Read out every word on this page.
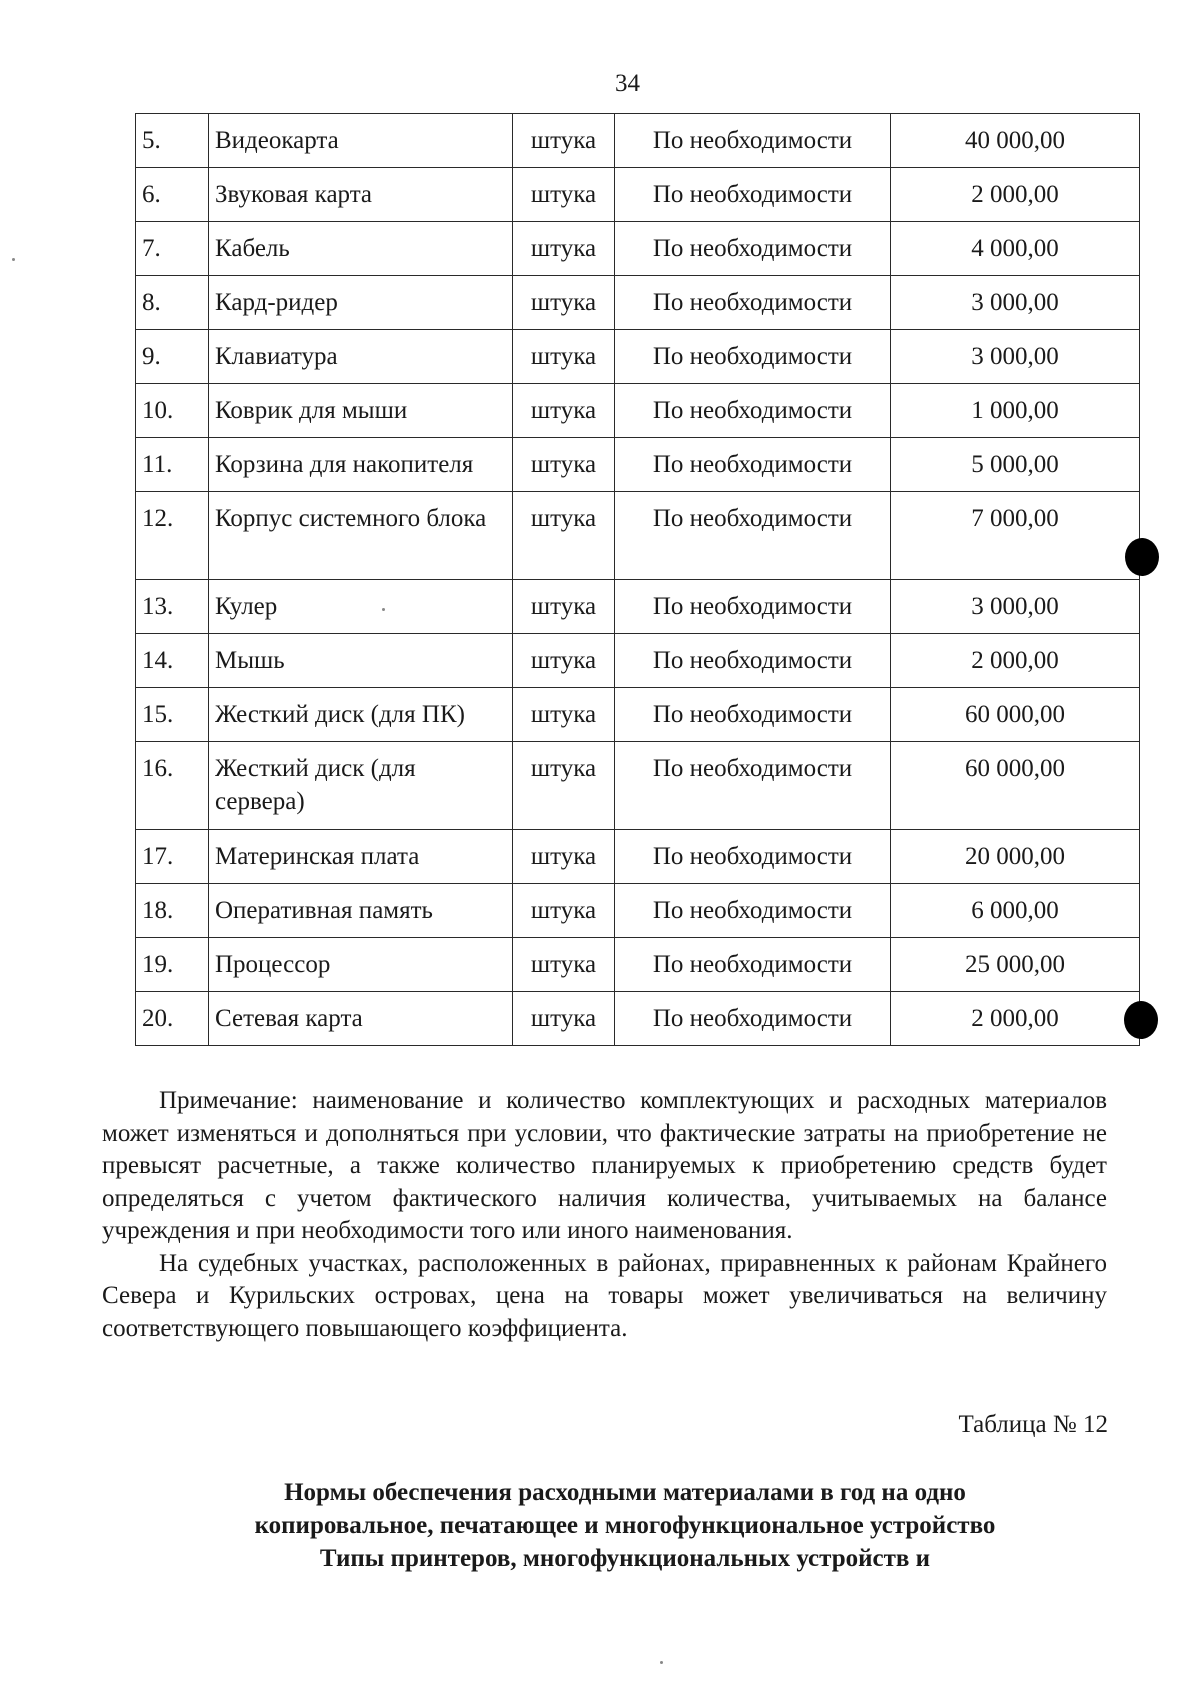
34
5.	Видеокарта	штука	По необходимости	40 000,00
6.	Звуковая карта	штука	По необходимости	2 000,00
7.	Кабель	штука	По необходимости	4 000,00
8.	Кард-ридер	штука	По необходимости	3 000,00
9.	Клавиатура	штука	По необходимости	3 000,00
10.	Коврик для мыши	штука	По необходимости	1 000,00
11.	Корзина для накопителя	штука	По необходимости	5 000,00
12.	Корпус системного блока	штука	По необходимости	7 000,00
13.	Кулер	штука	По необходимости	3 000,00
14.	Мышь	штука	По необходимости	2 000,00
15.	Жесткий диск (для ПК)	штука	По необходимости	60 000,00
16.	Жесткий диск (для сервера)	штука	По необходимости	60 000,00
17.	Материнская плата	штука	По необходимости	20 000,00
18.	Оперативная память	штука	По необходимости	6 000,00
19.	Процессор	штука	По необходимости	25 000,00
20.	Сетевая карта	штука	По необходимости	2 000,00

Примечание: наименование и количество комплектующих и расходных материалов может изменяться и дополняться при условии, что фактические затраты на приобретение не превысят расчетные, а также количество планируемых к приобретению средств будет определяться с учетом фактического наличия количества, учитываемых на балансе учреждения и при необходимости того или иного наименования.

На судебных участках, расположенных в районах, приравненных к районам Крайнего Севера и Курильских островах, цена на товары может увеличиваться на величину соответствующего повышающего коэффициента.

Таблица № 12
Нормы обеспечения расходными материалами в год на одно
копировальное, печатающее и многофункциональное устройство
Типы принтеров, многофункциональных устройств и
